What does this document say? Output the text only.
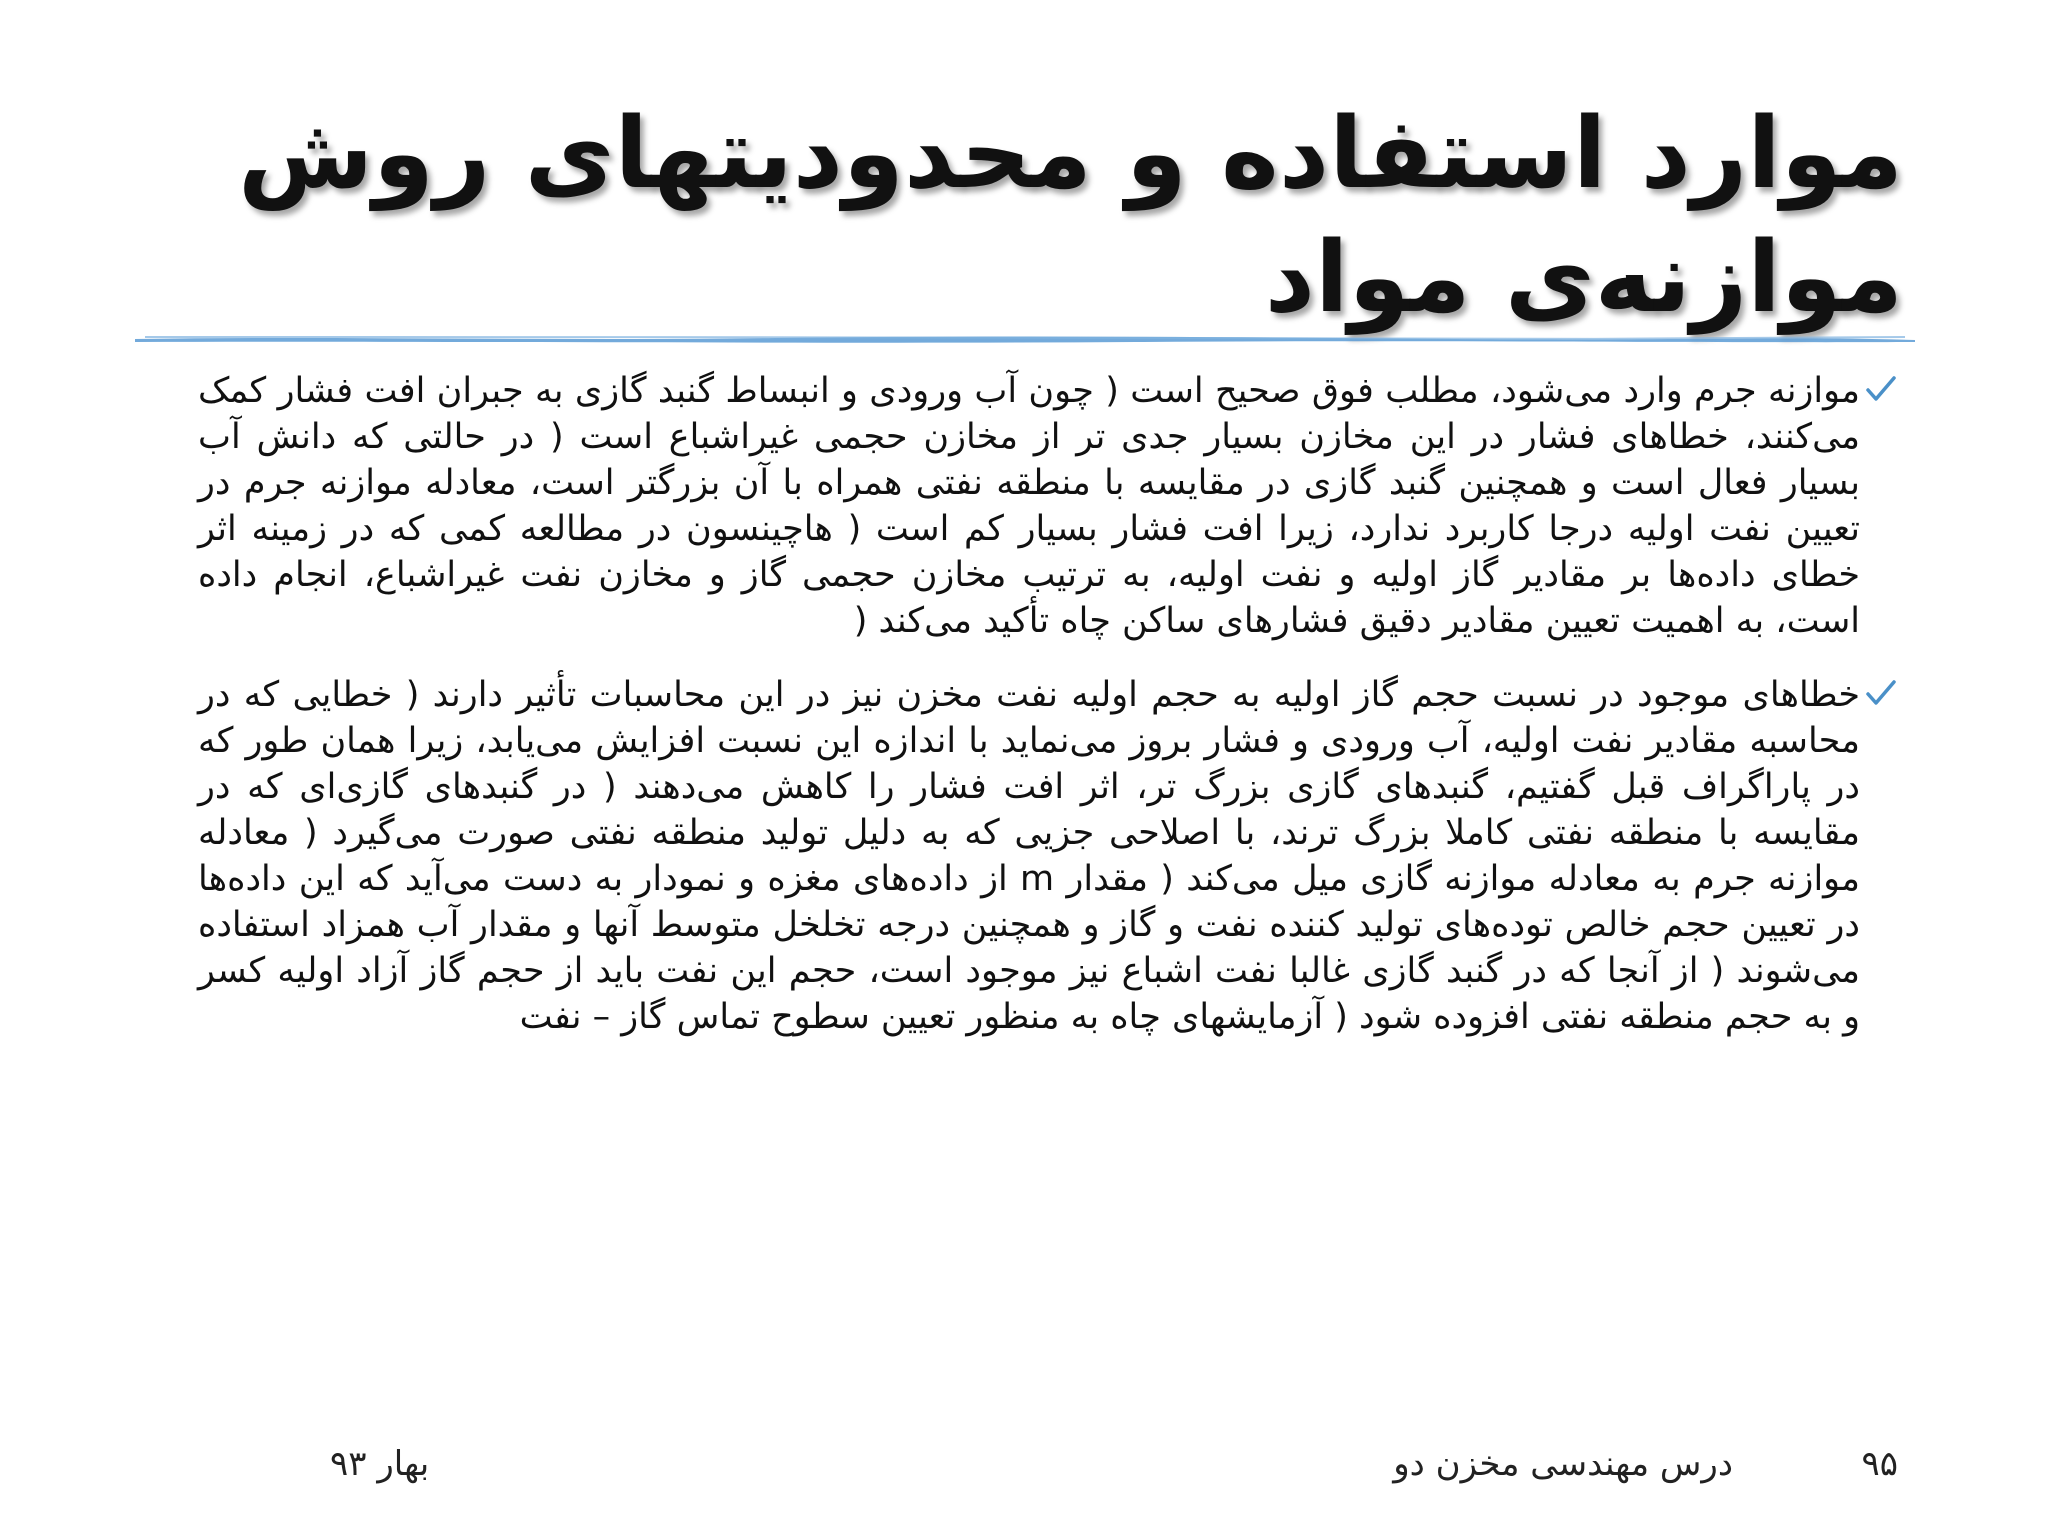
موارد استفاده و محدودیتهای روش
موازنه‌ی مواد
موازنه جرم وارد می‌شود، مطلب فوق صحیح است ( چون آب ورودی و انبساط گنبد گازی به جبران افت فشار کمک می‌کنند، خطاهای فشار در این مخازن بسیار جدی تر از مخازن حجمی غیراشباع است ( در حالتی که دانش آب بسیار فعال است و همچنین گنبد گازی در مقایسه با منطقه نفتی همراه با آن بزرگتر است، معادله موازنه جرم در تعیین نفت اولیه درجا کاربرد ندارد، زیرا افت فشار بسیار کم است ( هاچینسون در مطالعه کمی که در زمینه اثر خطای داده‌ها بر مقادیر گاز اولیه و نفت اولیه، به ترتیب مخازن حجمی گاز و مخازن نفت غیراشباع، انجام داده است، به اهمیت تعیین مقادیر دقیق فشارهای ساکن چاه تأکید می‌کند (
خطاهای موجود در نسبت حجم گاز اولیه به حجم اولیه نفت مخزن نیز در این محاسبات تأثیر دارند ( خطایی که در محاسبه مقادیر نفت اولیه، آب ورودی و فشار بروز می‌نماید با اندازه این نسبت افزایش می‌یابد، زیرا همان طور که در پاراگراف قبل گفتیم، گنبدهای گازی بزرگ تر، اثر افت فشار را کاهش می‌دهند ( در گنبدهای گازی‌ای که در مقایسه با منطقه نفتی کاملا بزرگ ترند، با اصلاحی جزیی که به دلیل تولید منطقه نفتی صورت می‌گیرد ( معادله موازنه جرم به معادله موازنه گازی میل می‌کند ( مقدار m از داده‌های مغزه و نمودار به دست می‌آید که این داده‌ها در تعیین حجم خالص توده‌های تولید کننده نفت و گاز و همچنین درجه تخلخل متوسط آنها و مقدار آب همزاد استفاده می‌شوند ( از آنجا که در گنبد گازی غالبا نفت اشباع نیز موجود است، حجم این نفت باید از حجم گاز آزاد اولیه کسر و به حجم منطقه نفتی افزوده شود ( آزمایشهای چاه به منظور تعیین سطوح تماس گاز – نفت
۹۵
درس مهندسی مخزن دو
بهار ۹۳
